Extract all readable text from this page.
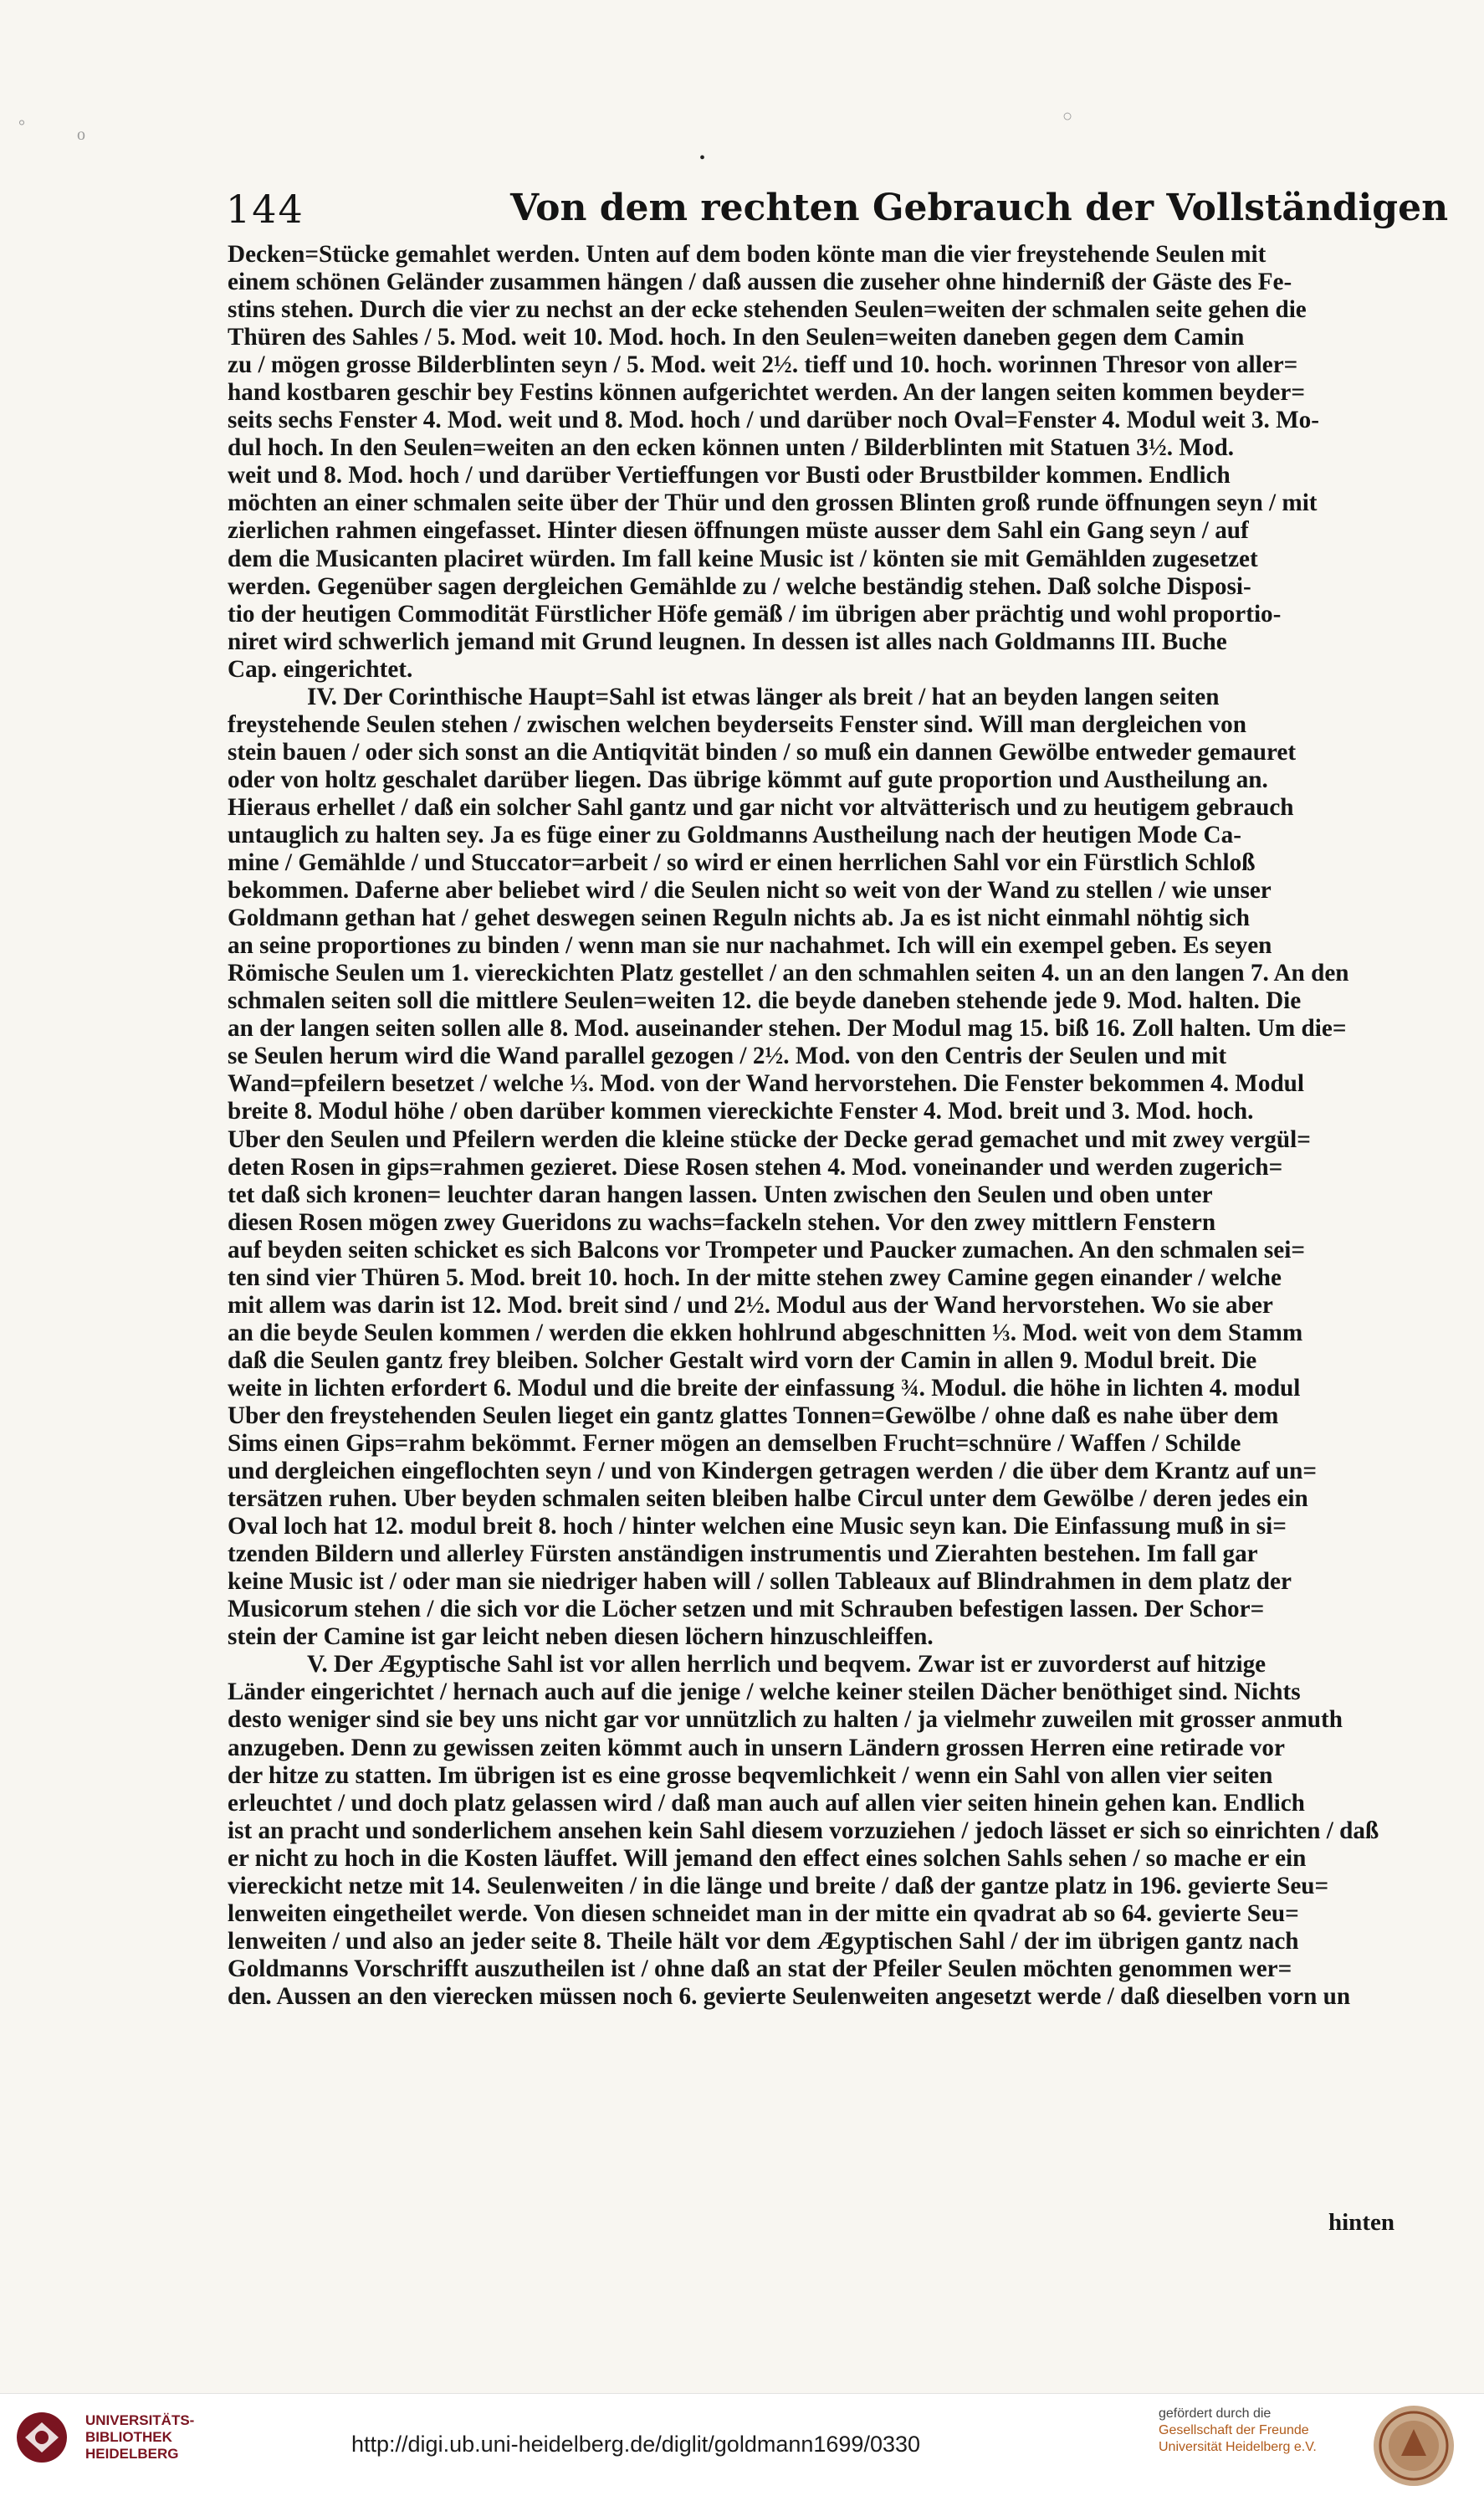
°	o
○
•
144	Von dem rechten Gebrauch der Vollständigen
Decken=Stücke gemahlet werden. Unten auf dem boden könte man die vier freystehende Seulen mit
einem schönen Geländer zusammen hängen / daß aussen die zuseher ohne hinderniß der Gäste des Fe-
stins stehen. Durch die vier zu nechst an der ecke stehenden Seulen=weiten der schmalen seite gehen die
Thüren des Sahles / 5. Mod. weit 10. Mod. hoch. In den Seulen=weiten daneben gegen dem Camin
zu / mögen grosse Bilderblinten seyn / 5. Mod. weit 2½. tieff und 10. hoch. worinnen Thresor von aller=
hand kostbaren geschir bey Festins können aufgerichtet werden. An der langen seiten kommen beyder=
seits sechs Fenster 4. Mod. weit und 8. Mod. hoch / und darüber noch Oval=Fenster 4. Modul weit 3. Mo-
dul hoch. In den Seulen=weiten an den ecken können unten / Bilderblinten mit Statuen 3½. Mod.
weit und 8. Mod. hoch / und darüber Vertieffungen vor Busti oder Brustbilder kommen. Endlich
möchten an einer schmalen seite über der Thür und den grossen Blinten groß runde öffnungen seyn / mit
zierlichen rahmen eingefasset. Hinter diesen öffnungen müste ausser dem Sahl ein Gang seyn / auf
dem die Musicanten placiret würden. Im fall keine Music ist / könten sie mit Gemählden zugesetzet
werden. Gegenüber sagen dergleichen Gemählde zu / welche beständig stehen. Daß solche Disposi-
tio der heutigen Commodität Fürstlicher Höfe gemäß / im übrigen aber prächtig und wohl proportio-
niret wird schwerlich jemand mit Grund leugnen. In dessen ist alles nach Goldmanns III. Buche
Cap. eingerichtet.
IV. Der Corinthische Haupt=Sahl ist etwas länger als breit / hat an beyden langen seiten
freystehende Seulen stehen / zwischen welchen beyderseits Fenster sind. Will man dergleichen von
stein bauen / oder sich sonst an die Antiqvität binden / so muß ein dannen Gewölbe entweder gemauret
oder von holtz geschalet darüber liegen. Das übrige kömmt auf gute proportion und Austheilung an.
Hieraus erhellet / daß ein solcher Sahl gantz und gar nicht vor altvätterisch und zu heutigem gebrauch
untauglich zu halten sey. Ja es füge einer zu Goldmanns Austheilung nach der heutigen Mode Ca-
mine / Gemählde / und Stuccator=arbeit / so wird er einen herrlichen Sahl vor ein Fürstlich Schloß
bekommen. Daferne aber beliebet wird / die Seulen nicht so weit von der Wand zu stellen / wie unser
Goldmann gethan hat / gehet deswegen seinen Reguln nichts ab. Ja es ist nicht einmahl nöhtig sich
an seine proportiones zu binden / wenn man sie nur nachahmet. Ich will ein exempel geben. Es seyen
Römische Seulen um 1. viereckichten Platz gestellet / an den schmahlen seiten 4. un an den langen 7. An den
schmalen seiten soll die mittlere Seulen=weiten 12. die beyde daneben stehende jede 9. Mod. halten. Die
an der langen seiten sollen alle 8. Mod. auseinander stehen. Der Modul mag 15. biß 16. Zoll halten. Um die=
se Seulen herum wird die Wand parallel gezogen / 2½. Mod. von den Centris der Seulen und mit
Wand=pfeilern besetzet / welche ⅓. Mod. von der Wand hervorstehen. Die Fenster bekommen 4. Modul
breite 8. Modul höhe / oben darüber kommen viereckichte Fenster 4. Mod. breit und 3. Mod. hoch.
Uber den Seulen und Pfeilern werden die kleine stücke der Decke gerad gemachet und mit zwey vergül=
deten Rosen in gips=rahmen gezieret. Diese Rosen stehen 4. Mod. voneinander und werden zugerich=
tet daß sich kronen= leuchter daran hangen lassen. Unten zwischen den Seulen und oben unter
diesen Rosen mögen zwey Gueridons zu wachs=fackeln stehen. Vor den zwey mittlern Fenstern
auf beyden seiten schicket es sich Balcons vor Trompeter und Paucker zumachen. An den schmalen sei=
ten sind vier Thüren 5. Mod. breit 10. hoch. In der mitte stehen zwey Camine gegen einander / welche
mit allem was darin ist 12. Mod. breit sind / und 2½. Modul aus der Wand hervorstehen. Wo sie aber
an die beyde Seulen kommen / werden die ekken hohlrund abgeschnitten ⅓. Mod. weit von dem Stamm
daß die Seulen gantz frey bleiben. Solcher Gestalt wird vorn der Camin in allen 9. Modul breit. Die
weite in lichten erfordert 6. Modul und die breite der einfassung ¾. Modul. die höhe in lichten 4. modul
Uber den freystehenden Seulen lieget ein gantz glattes Tonnen=Gewölbe / ohne daß es nahe über dem
Sims einen Gips=rahm bekömmt. Ferner mögen an demselben Frucht=schnüre / Waffen / Schilde
und dergleichen eingeflochten seyn / und von Kindergen getragen werden / die über dem Krantz auf un=
tersätzen ruhen. Uber beyden schmalen seiten bleiben halbe Circul unter dem Gewölbe / deren jedes ein
Oval loch hat 12. modul breit 8. hoch / hinter welchen eine Music seyn kan. Die Einfassung muß in si=
tzenden Bildern und allerley Fürsten anständigen instrumentis und Zierahten bestehen. Im fall gar
keine Music ist / oder man sie niedriger haben will / sollen Tableaux auf Blindrahmen in dem platz der
Musicorum stehen / die sich vor die Löcher setzen und mit Schrauben befestigen lassen. Der Schor=
stein der Camine ist gar leicht neben diesen löchern hinzuschleiffen.
V. Der Ægyptische Sahl ist vor allen herrlich und beqvem. Zwar ist er zuvorderst auf hitzige
Länder eingerichtet / hernach auch auf die jenige / welche keiner steilen Dächer benöthiget sind. Nichts
desto weniger sind sie bey uns nicht gar vor unnützlich zu halten / ja vielmehr zuweilen mit grosser anmuth
anzugeben. Denn zu gewissen zeiten kömmt auch in unsern Ländern grossen Herren eine retirade vor
der hitze zu statten. Im übrigen ist es eine grosse beqvemlichkeit / wenn ein Sahl von allen vier seiten
erleuchtet / und doch platz gelassen wird / daß man auch auf allen vier seiten hinein gehen kan. Endlich
ist an pracht und sonderlichem ansehen kein Sahl diesem vorzuziehen / jedoch lässet er sich so einrichten / daß
er nicht zu hoch in die Kosten läuffet. Will jemand den effect eines solchen Sahls sehen / so mache er ein
viereckicht netze mit 14. Seulenweiten / in die länge und breite / daß der gantze platz in 196. gevierte Seu=
lenweiten eingetheilet werde. Von diesen schneidet man in der mitte ein qvadrat ab so 64. gevierte Seu=
lenweiten / und also an jeder seite 8. Theile hält vor dem Ægyptischen Sahl / der im übrigen gantz nach
Goldmanns Vorschrifft auszutheilen ist / ohne daß an stat der Pfeiler Seulen möchten genommen wer=
den. Aussen an den vierecken müssen noch 6. gevierte Seulenweiten angesetzt werde / daß dieselben vorn un
hinten
UNIVERSITÄTS-
BIBLIOTHEK
HEIDELBERG	http://digi.ub.uni-heidelberg.de/diglit/goldmann1699/0330
gefördert durch die
Gesellschaft der Freunde
Universität Heidelberg e.V.
